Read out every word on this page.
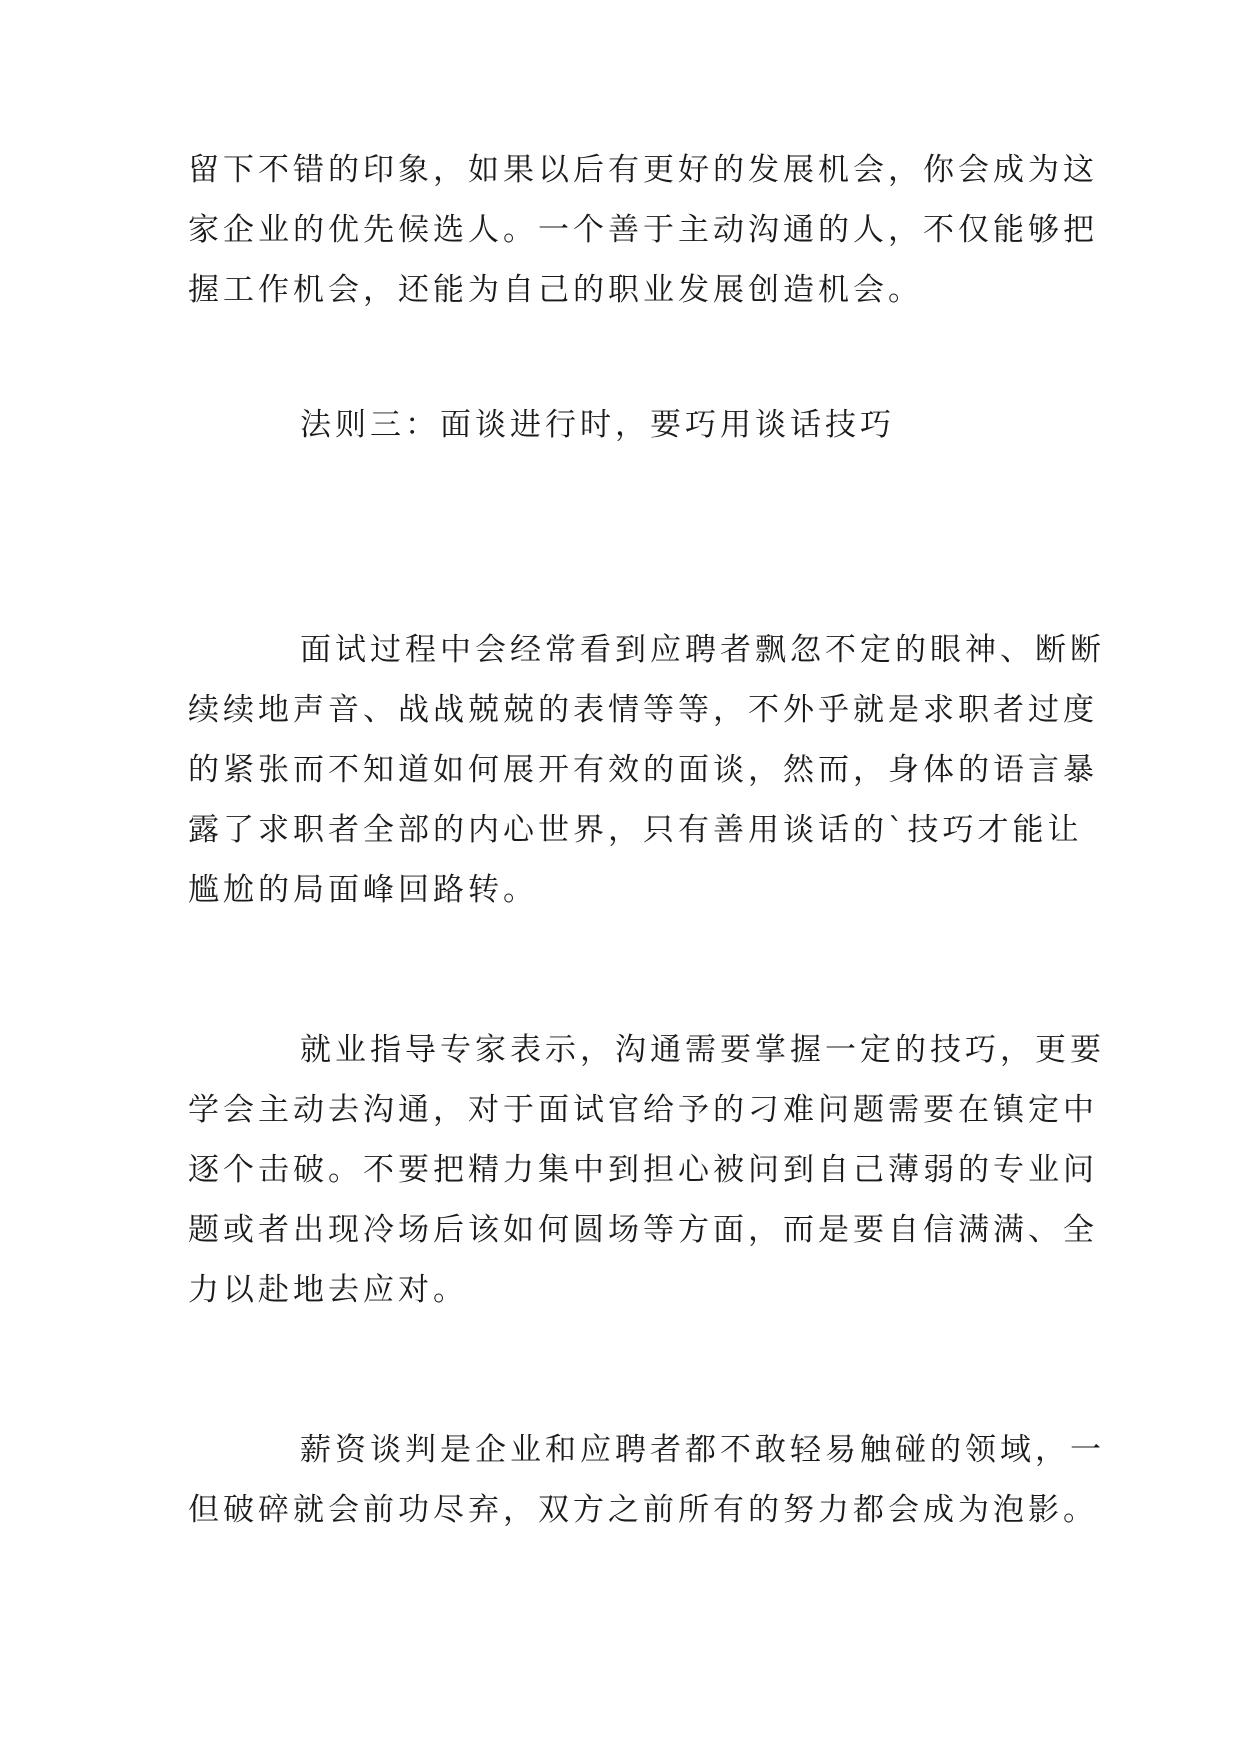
留下不错的印象，如果以后有更好的发展机会，你会成为这
家企业的优先候选人。一个善于主动沟通的人，不仅能够把
握工作机会，还能为自己的职业发展创造机会。

法则三：面谈进行时，要巧用谈话技巧

面试过程中会经常看到应聘者飘忽不定的眼神、断断
续续地声音、战战兢兢的表情等等，不外乎就是求职者过度
的紧张而不知道如何展开有效的面谈，然而，身体的语言暴
露了求职者全部的内心世界，只有善用谈话的`技巧才能让
尴尬的局面峰回路转。

就业指导专家表示，沟通需要掌握一定的技巧，更要
学会主动去沟通，对于面试官给予的刁难问题需要在镇定中
逐个击破。不要把精力集中到担心被问到自己薄弱的专业问
题或者出现冷场后该如何圆场等方面，而是要自信满满、全
力以赴地去应对。

薪资谈判是企业和应聘者都不敢轻易触碰的领域，一
但破碎就会前功尽弃，双方之前所有的努力都会成为泡影。
